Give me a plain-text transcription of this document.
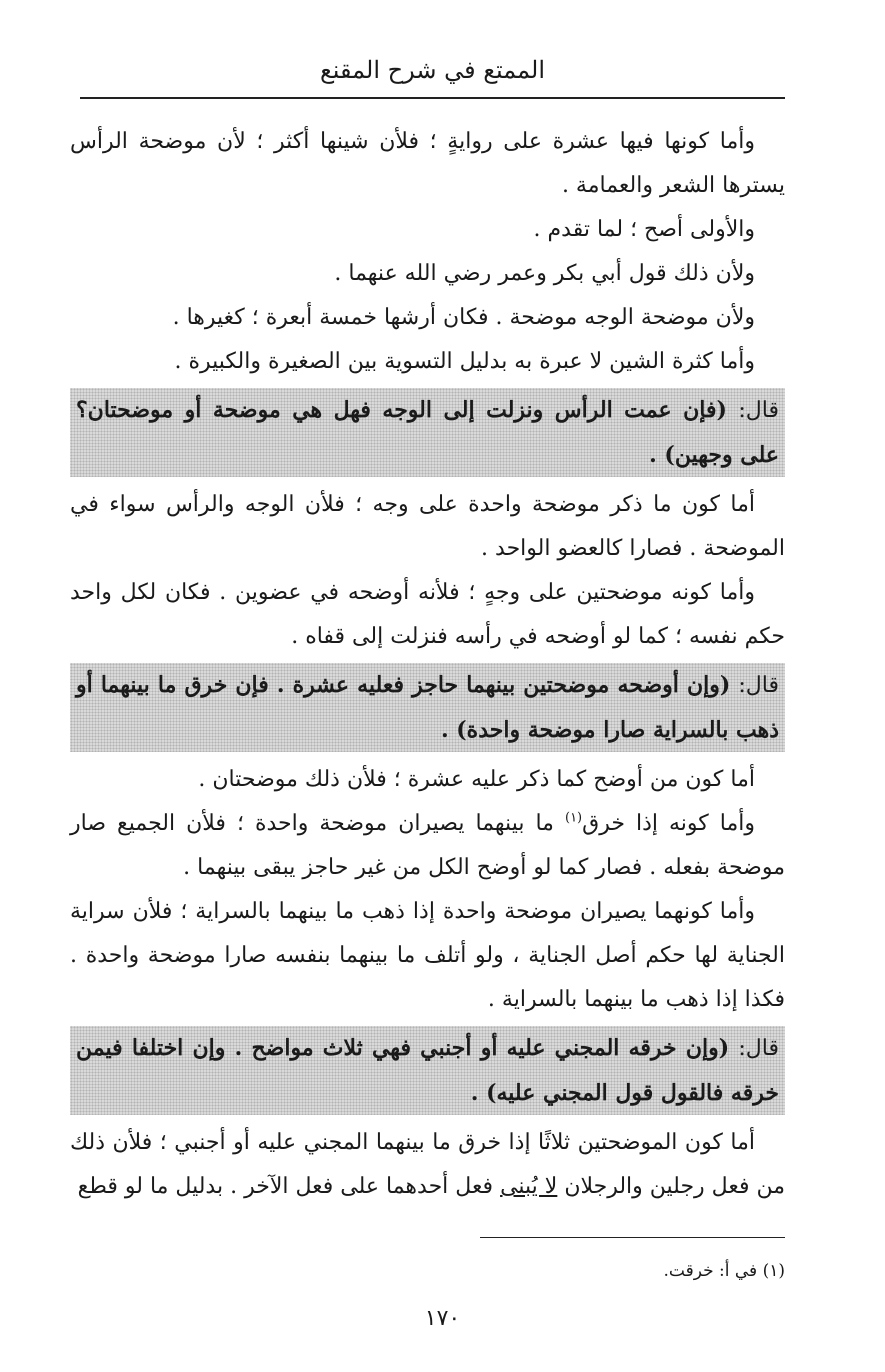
الممتع في شرح المقنع

وأما كونها فيها عشرة على روايةٍ ؛ فلأن شينها أكثر ؛ لأن موضحة الرأس يسترها الشعر والعمامة .

والأولى أصح ؛ لما تقدم .

ولأن ذلك قول أبي بكر وعمر رضي الله عنهما .

ولأن موضحة الوجه موضحة . فكان أرشها خمسة أبعرة ؛ كغيرها .

وأما كثرة الشين لا عبرة به بدليل التسوية بين الصغيرة والكبيرة .

قال: (فإن عمت الرأس ونزلت إلى الوجه فهل هي موضحة أو موضحتان؟ على وجهين) .

أما كون ما ذكر موضحة واحدة على وجه ؛ فلأن الوجه والرأس سواء في الموضحة . فصارا كالعضو الواحد .

وأما كونه موضحتين على وجهٍ ؛ فلأنه أوضحه في عضوين . فكان لكل واحد حكم نفسه ؛ كما لو أوضحه في رأسه فنزلت إلى قفاه .

قال: (وإن أوضحه موضحتين بينهما حاجز فعليه عشرة . فإن خرق ما بينهما أو ذهب بالسراية صارا موضحة واحدة) .

أما كون من أوضح كما ذكر عليه عشرة ؛ فلأن ذلك موضحتان .

وأما كونه إذا خرق$^{(١)}$ ما بينهما يصيران موضحة واحدة ؛ فلأن الجميع صار موضحة بفعله . فصار كما لو أوضح الكل من غير حاجز يبقى بينهما .

وأما كونهما يصيران موضحة واحدة إذا ذهب ما بينهما بالسراية ؛ فلأن سراية الجناية لها حكم أصل الجناية ، ولو أتلف ما بينهما بنفسه صارا موضحة واحدة . فكذا إذا ذهب ما بينهما بالسراية .

قال: (وإن خرقه المجني عليه أو أجنبي فهي ثلاث مواضح . وإن اختلفا فيمن خرقه فالقول قول المجني عليه) .

أما كون الموضحتين ثلاثًا إذا خرق ما بينهما المجني عليه أو أجنبي ؛ فلأن ذلك من فعل رجلين والرجلان لا يُبنى فعل أحدهما على فعل الآخر . بدليل ما لو قطع

(١) في أ: خرقت.
١٧٠
